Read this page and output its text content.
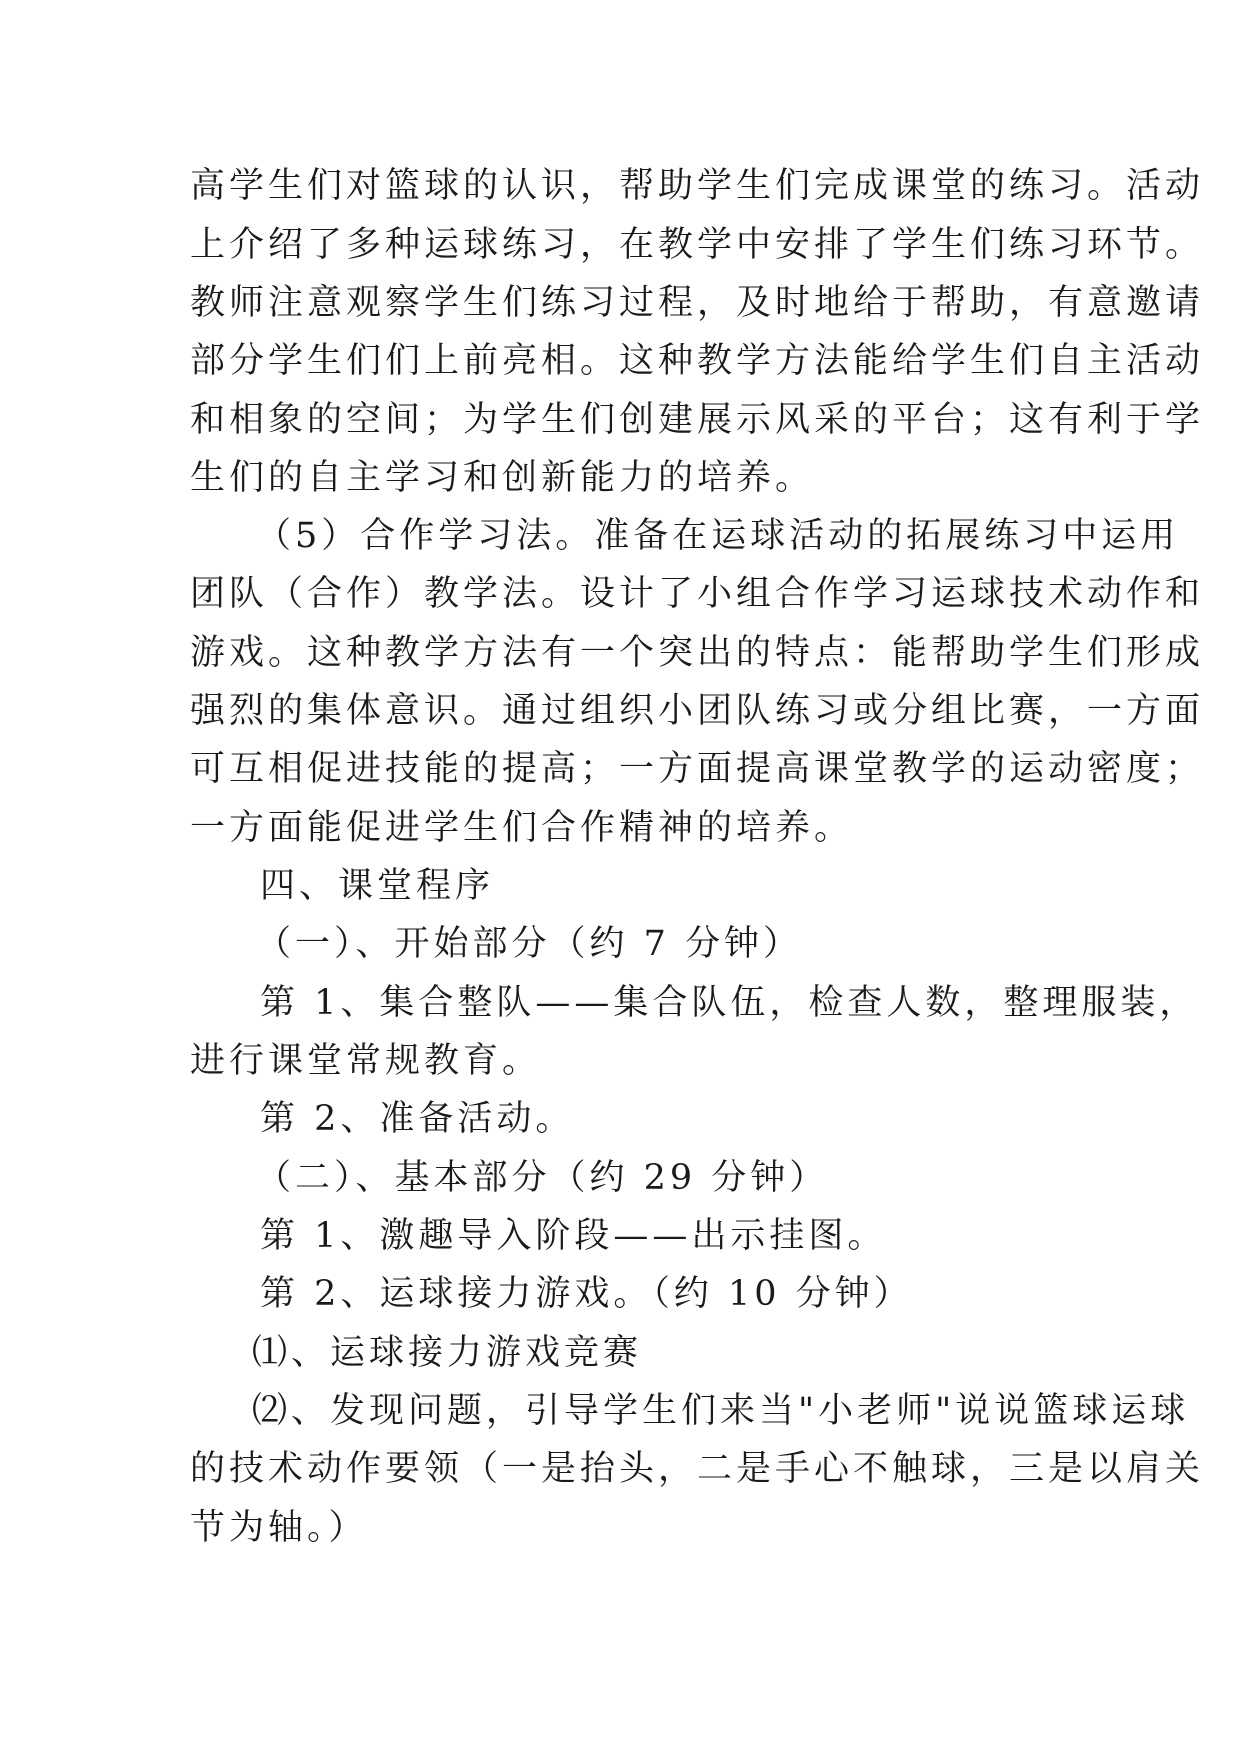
高学生们对篮球的认识，帮助学生们完成课堂的练习。活动
上介绍了多种运球练习，在教学中安排了学生们练习环节。
教师注意观察学生们练习过程，及时地给于帮助，有意邀请
部分学生们们上前亮相。这种教学方法能给学生们自主活动
和相象的空间；为学生们创建展示风采的平台；这有利于学
生们的自主学习和创新能力的培养。
（5）合作学习法。准备在运球活动的拓展练习中运用
团队（合作）教学法。设计了小组合作学习运球技术动作和
游戏。这种教学方法有一个突出的特点：能帮助学生们形成
强烈的集体意识。通过组织小团队练习或分组比赛，一方面
可互相促进技能的提高；一方面提高课堂教学的运动密度；
一方面能促进学生们合作精神的培养。
四、课堂程序
（一）、开始部分（约 7 分钟）
第 1、集合整队——集合队伍，检查人数，整理服装，
进行课堂常规教育。
第 2、准备活动。
（二）、基本部分（约 29 分钟）
第 1、激趣导入阶段——出示挂图。
第 2、运球接力游戏。（约 10 分钟）
⑴、运球接力游戏竞赛
⑵、发现问题，引导学生们来当"小老师"说说篮球运球
的技术动作要领（一是抬头，二是手心不触球，三是以肩关
节为轴。）
